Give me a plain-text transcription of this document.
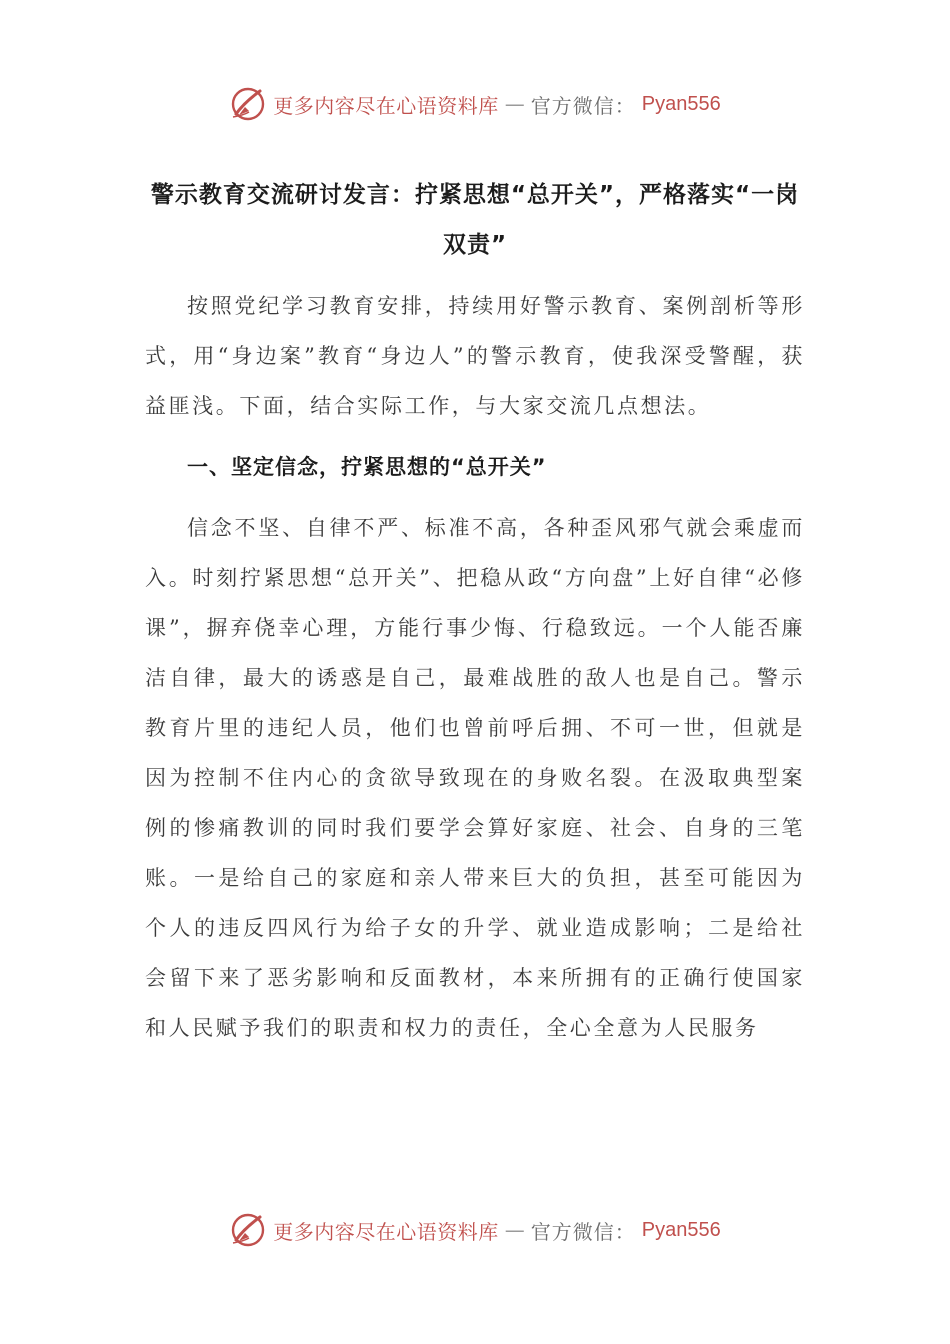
更多内容尽在心语资料库 — 官方微信： Pyan556
警示教育交流研讨发言：拧紧思想“总开关”，严格落实“一岗双责”

按照党纪学习教育安排，持续用好警示教育、案例剖析等形式，用“身边案”教育“身边人”的警示教育，使我深受警醒，获益匪浅。下面，结合实际工作，与大家交流几点想法。

一、坚定信念，拧紧思想的“总开关”

信念不坚、自律不严、标准不高，各种歪风邪气就会乘虚而入。时刻拧紧思想“总开关”、把稳从政“方向盘”上好自律“必修课”，摒弃侥幸心理，方能行事少悔、行稳致远。一个人能否廉洁自律，最大的诱惑是自己，最难战胜的敌人也是自己。警示教育片里的违纪人员，他们也曾前呼后拥、不可一世，但就是因为控制不住内心的贪欲导致现在的身败名裂。在汲取典型案例的惨痛教训的同时我们要学会算好家庭、社会、自身的三笔账。一是给自己的家庭和亲人带来巨大的负担，甚至可能因为个人的违反四风行为给子女的升学、就业造成影响；二是给社会留下来了恶劣影响和反面教材，本来所拥有的正确行使国家和人民赋予我们的职责和权力的责任，全心全意为人民服务

更多内容尽在心语资料库 — 官方微信： Pyan556
